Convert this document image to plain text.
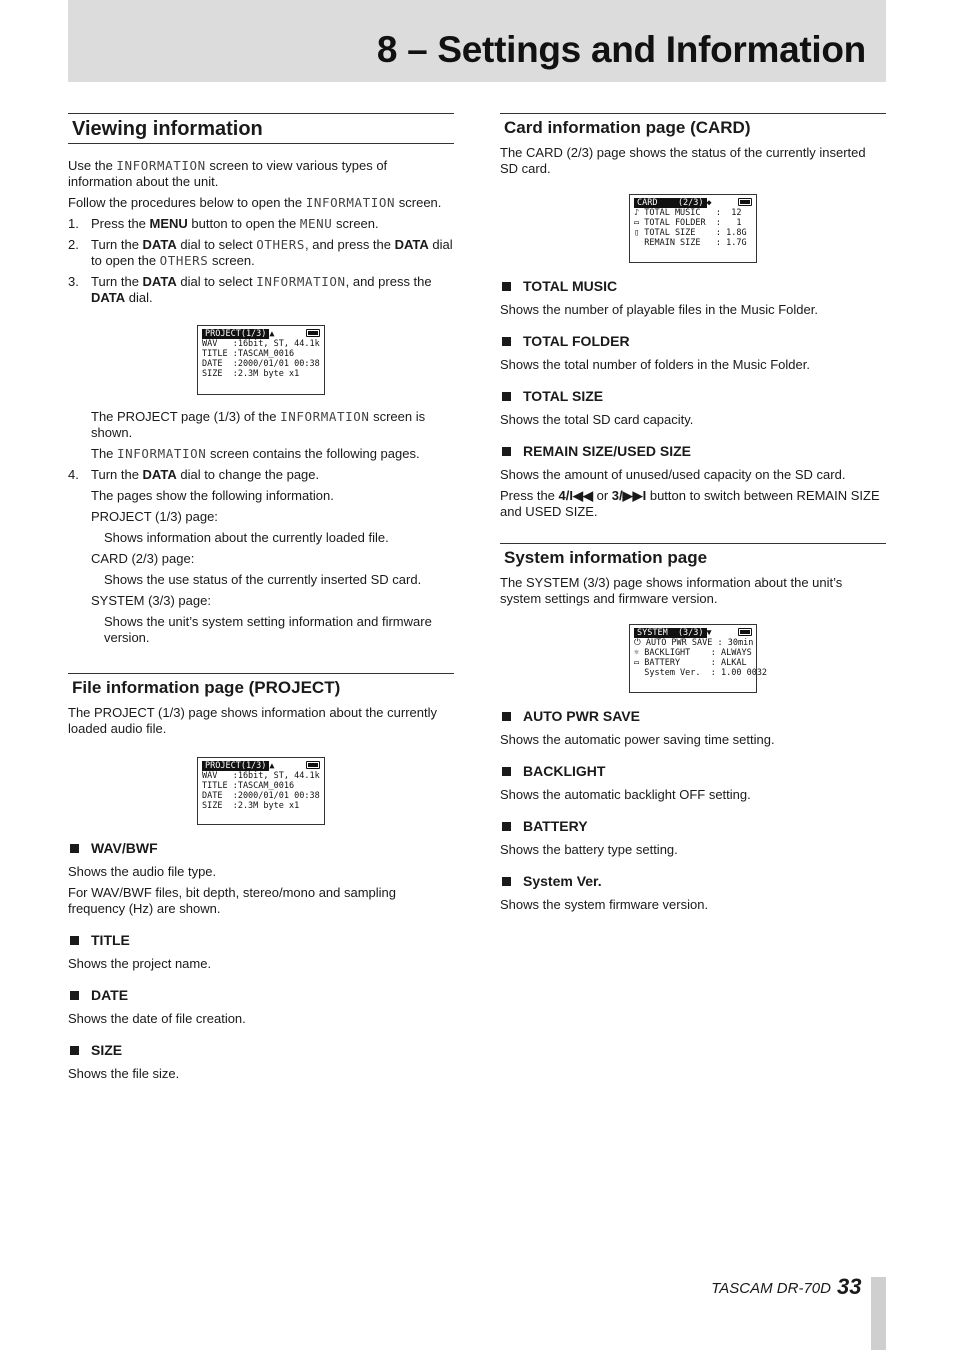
8 – Settings and Information
Viewing information

Use the INFORMATION screen to view various types of information about the unit.

Follow the procedures below to open the INFORMATION screen.

1. Press the MENU button to open the MENU screen.
2. Turn the DATA dial to select OTHERS, and press the DATA dial to open the OTHERS screen.
3. Turn the DATA dial to select INFORMATION, and press the DATA dial.
PROJECT(1/3) ▲
WAV   :16bit, ST, 44.1k
TITLE :TASCAM_0016
DATE  :2000/01/01 00:38
SIZE  :2.3M byte x1

The PROJECT page (1/3) of the INFORMATION screen is shown.

The INFORMATION screen contains the following pages.

4. Turn the DATA dial to change the page.

The pages show the following information.

PROJECT (1/3) page:

Shows information about the currently loaded file.

CARD (2/3) page:

Shows the use status of the currently inserted SD card.

SYSTEM (3/3) page:

Shows the unit’s system setting information and firmware version.

File information page (PROJECT)

The PROJECT (1/3) page shows information about the currently loaded audio file.

PROJECT(1/3) ▲
WAV   :16bit, ST, 44.1k
TITLE :TASCAM_0016
DATE  :2000/01/01 00:38
SIZE  :2.3M byte x1
WAV/BWF

Shows the audio file type.

For WAV/BWF files, bit depth, stereo/mono and sampling frequency (Hz) are shown.

TITLE

Shows the project name.

DATE

Shows the date of file creation.

SIZE

Shows the file size.

Card information page (CARD)

The CARD (2/3) page shows the status of the currently inserted SD card.

CARD    (2/3) ◆
♪ TOTAL MUSIC   :  12
▭ TOTAL FOLDER  :   1
▯ TOTAL SIZE    : 1.8G
REMAIN SIZE   : 1.7G
TOTAL MUSIC

Shows the number of playable files in the Music Folder.

TOTAL FOLDER

Shows the total number of folders in the Music Folder.

TOTAL SIZE

Shows the total SD card capacity.

REMAIN SIZE/USED SIZE

Shows the amount of unused/used capacity on the SD card.

Press the 4/I◀◀ or 3/▶▶I button to switch between REMAIN SIZE and USED SIZE.

System information page

The SYSTEM (3/3) page shows information about the unit’s system settings and firmware version.

SYSTEM  (3/3) ▼
⏻ AUTO PWR SAVE : 30min
☼ BACKLIGHT    : ALWAYS
▭ BATTERY      : ALKAL
System Ver.  : 1.00 0032
AUTO PWR SAVE

Shows the automatic power saving time setting.

BACKLIGHT

Shows the automatic backlight OFF setting.

BATTERY

Shows the battery type setting.

System Ver.

Shows the system firmware version.

TASCAM DR-70D 33
